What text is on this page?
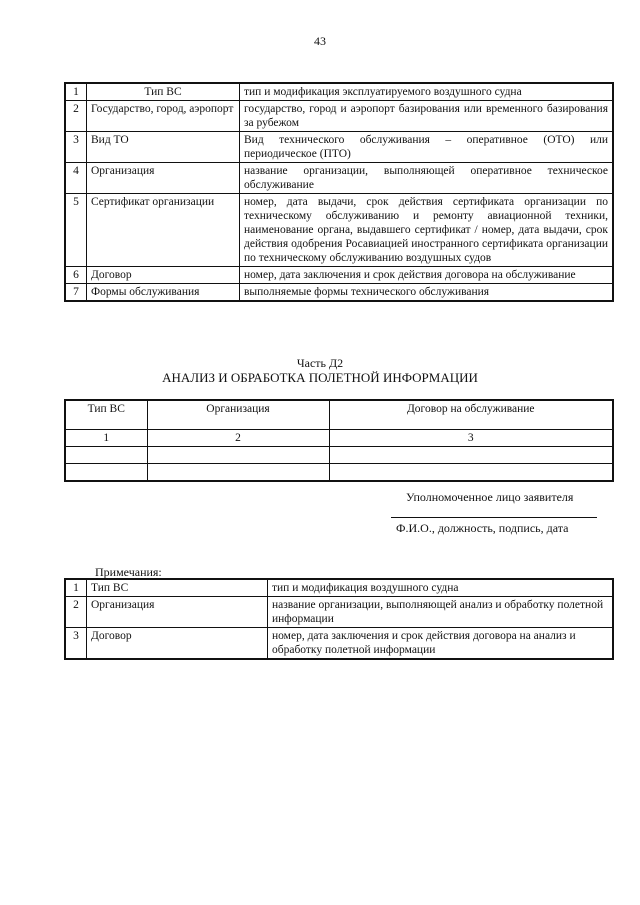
43
1	Тип ВС	тип и модификация эксплуатируемого воздушного судна
2	Государство, город, аэропорт	государство, город и аэропорт базирования или временного базирования за рубежом
3	Вид ТО	Вид технического обслуживания – оперативное (ОТО) или периодическое (ПТО)
4	Организация	название организации, выполняющей оперативное техническое обслуживание
5	Сертификат организации	номер, дата выдачи, срок действия сертификата организации по техническому обслуживанию и ремонту авиационной техники, наименование органа, выдавшего сертификат / номер, дата выдачи, срок действия одобрения Росавиацией иностранного сертификата организации по техническому обслуживанию воздушных судов
6	Договор	номер, дата заключения и срок действия договора на обслуживание
7	Формы обслуживания	выполняемые формы технического обслуживания
Часть Д2
АНАЛИЗ И ОБРАБОТКА ПОЛЕТНОЙ ИНФОРМАЦИИ
Тип ВС	Организация	Договор на обслуживание
1	2	3

Уполномоченное лицо заявителя
Ф.И.О., должность, подпись, дата
Примечания:
1	Тип ВС	тип и модификация воздушного судна
2	Организация	название организации, выполняющей анализ и обработку полетной информации
3	Договор	номер, дата заключения и срок действия договора на анализ и обработку полетной информации
